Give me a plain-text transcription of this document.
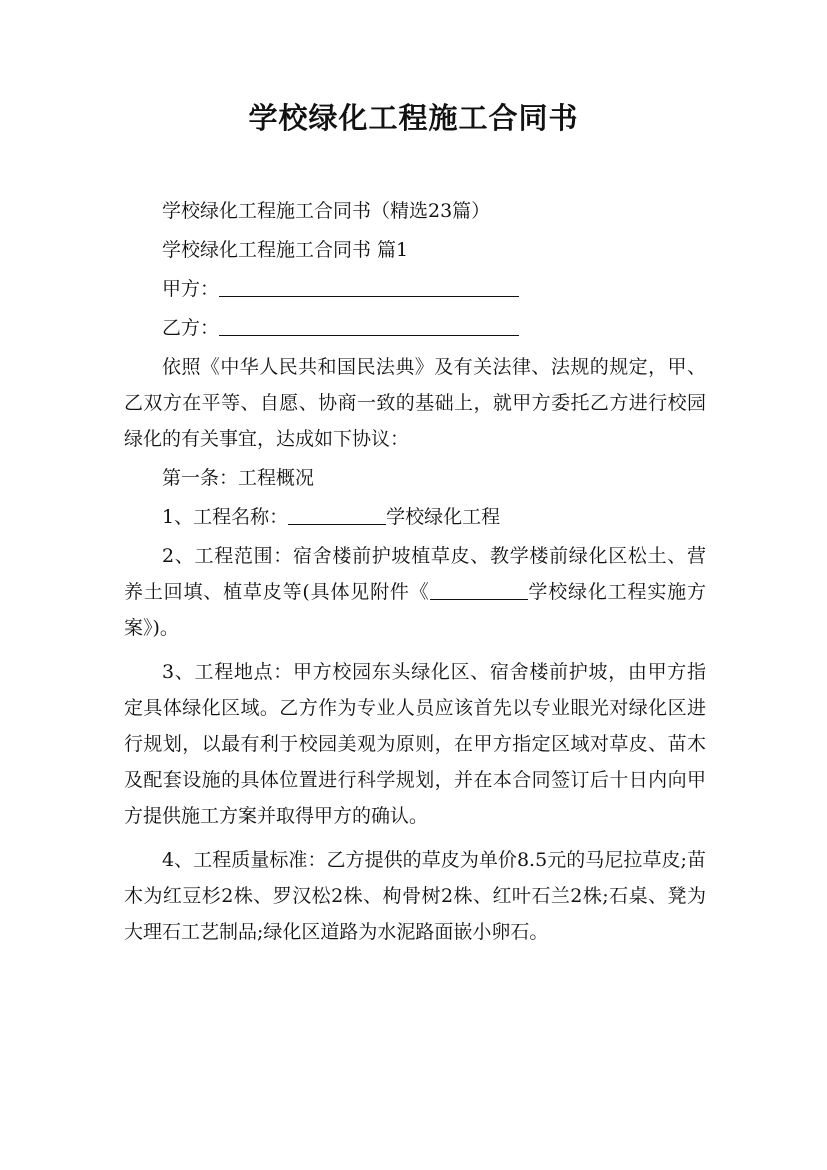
学校绿化工程施工合同书

学校绿化工程施工合同书（精选23篇）

学校绿化工程施工合同书 篇1

甲方：

乙方：

依照《中华人民共和国民法典》及有关法律、法规的规定，甲、乙双方在平等、自愿、协商一致的基础上，就甲方委托乙方进行校园绿化的有关事宜，达成如下协议：

第一条：工程概况

1、工程名称：	学校绿化工程

2、工程范围：宿舍楼前护坡植草皮、教学楼前绿化区松土、营养土回填、植草皮等(具体见附件《	学校绿化工程实施方案》)。

3、工程地点：甲方校园东头绿化区、宿舍楼前护坡，由甲方指定具体绿化区域。乙方作为专业人员应该首先以专业眼光对绿化区进行规划，以最有利于校园美观为原则，在甲方指定区域对草皮、苗木及配套设施的具体位置进行科学规划，并在本合同签订后十日内向甲方提供施工方案并取得甲方的确认。

4、工程质量标准：乙方提供的草皮为单价8.5元的马尼拉草皮;苗木为红豆杉2株、罗汉松2株、枸骨树2株、红叶石兰2株;石桌、凳为大理石工艺制品;绿化区道路为水泥路面嵌小卵石。
